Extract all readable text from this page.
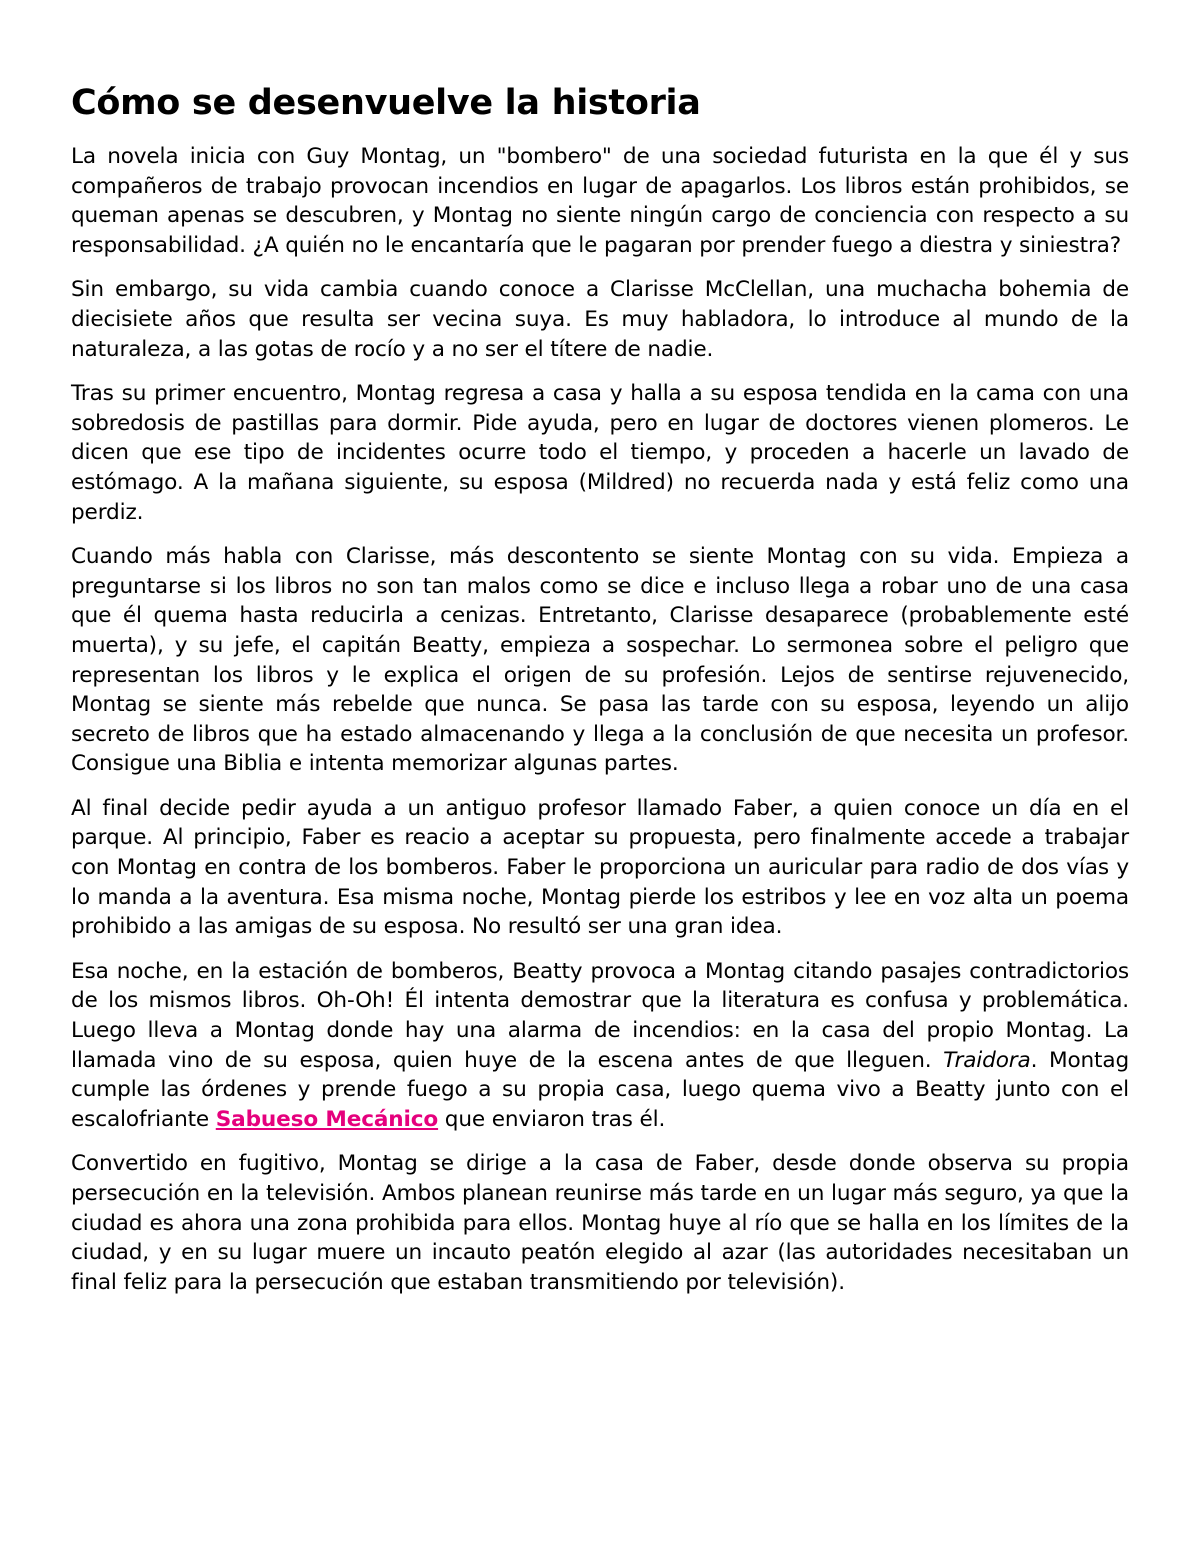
Cómo se desenvuelve la historia

La novela inicia con Guy Montag, un "bombero" de una sociedad futurista en la que él y sus compañeros de trabajo provocan incendios en lugar de apagarlos. Los libros están prohibidos, se queman apenas se descubren, y Montag no siente ningún cargo de conciencia con respecto a su responsabilidad. ¿A quién no le encantaría que le pagaran por prender fuego a diestra y siniestra?

Sin embargo, su vida cambia cuando conoce a Clarisse McClellan, una muchacha bohemia de diecisiete años que resulta ser vecina suya. Es muy habladora, lo introduce al mundo de la naturaleza, a las gotas de rocío y a no ser el títere de nadie.

Tras su primer encuentro, Montag regresa a casa y halla a su esposa tendida en la cama con una sobredosis de pastillas para dormir. Pide ayuda, pero en lugar de doctores vienen plomeros. Le dicen que ese tipo de incidentes ocurre todo el tiempo, y proceden a hacerle un lavado de estómago. A la mañana siguiente, su esposa (Mildred) no recuerda nada y está feliz como una perdiz.

Cuando más habla con Clarisse, más descontento se siente Montag con su vida. Empieza a preguntarse si los libros no son tan malos como se dice e incluso llega a robar uno de una casa que él quema hasta reducirla a cenizas. Entretanto, Clarisse desaparece (probablemente esté muerta), y su jefe, el capitán Beatty, empieza a sospechar. Lo sermonea sobre el peligro que representan los libros y le explica el origen de su profesión. Lejos de sentirse rejuvenecido, Montag se siente más rebelde que nunca. Se pasa las tarde con su esposa, leyendo un alijo secreto de libros que ha estado almacenando y llega a la conclusión de que necesita un profesor. Consigue una Biblia e intenta memorizar algunas partes.

Al final decide pedir ayuda a un antiguo profesor llamado Faber, a quien conoce un día en el parque. Al principio, Faber es reacio a aceptar su propuesta, pero finalmente accede a trabajar con Montag en contra de los bomberos. Faber le proporciona un auricular para radio de dos vías y lo manda a la aventura. Esa misma noche, Montag pierde los estribos y lee en voz alta un poema prohibido a las amigas de su esposa. No resultó ser una gran idea.

Esa noche, en la estación de bomberos, Beatty provoca a Montag citando pasajes contradictorios de los mismos libros. Oh-Oh! Él intenta demostrar que la literatura es confusa y problemática. Luego lleva a Montag donde hay una alarma de incendios: en la casa del propio Montag. La llamada vino de su esposa, quien huye de la escena antes de que lleguen. Traidora. Montag cumple las órdenes y prende fuego a su propia casa, luego quema vivo a Beatty junto con el escalofriante Sabueso Mecánico que enviaron tras él.

Convertido en fugitivo, Montag se dirige a la casa de Faber, desde donde observa su propia persecución en la televisión. Ambos planean reunirse más tarde en un lugar más seguro, ya que la ciudad es ahora una zona prohibida para ellos. Montag huye al río que se halla en los límites de la ciudad, y en su lugar muere un incauto peatón elegido al azar (las autoridades necesitaban un final feliz para la persecución que estaban transmitiendo por televisión).
